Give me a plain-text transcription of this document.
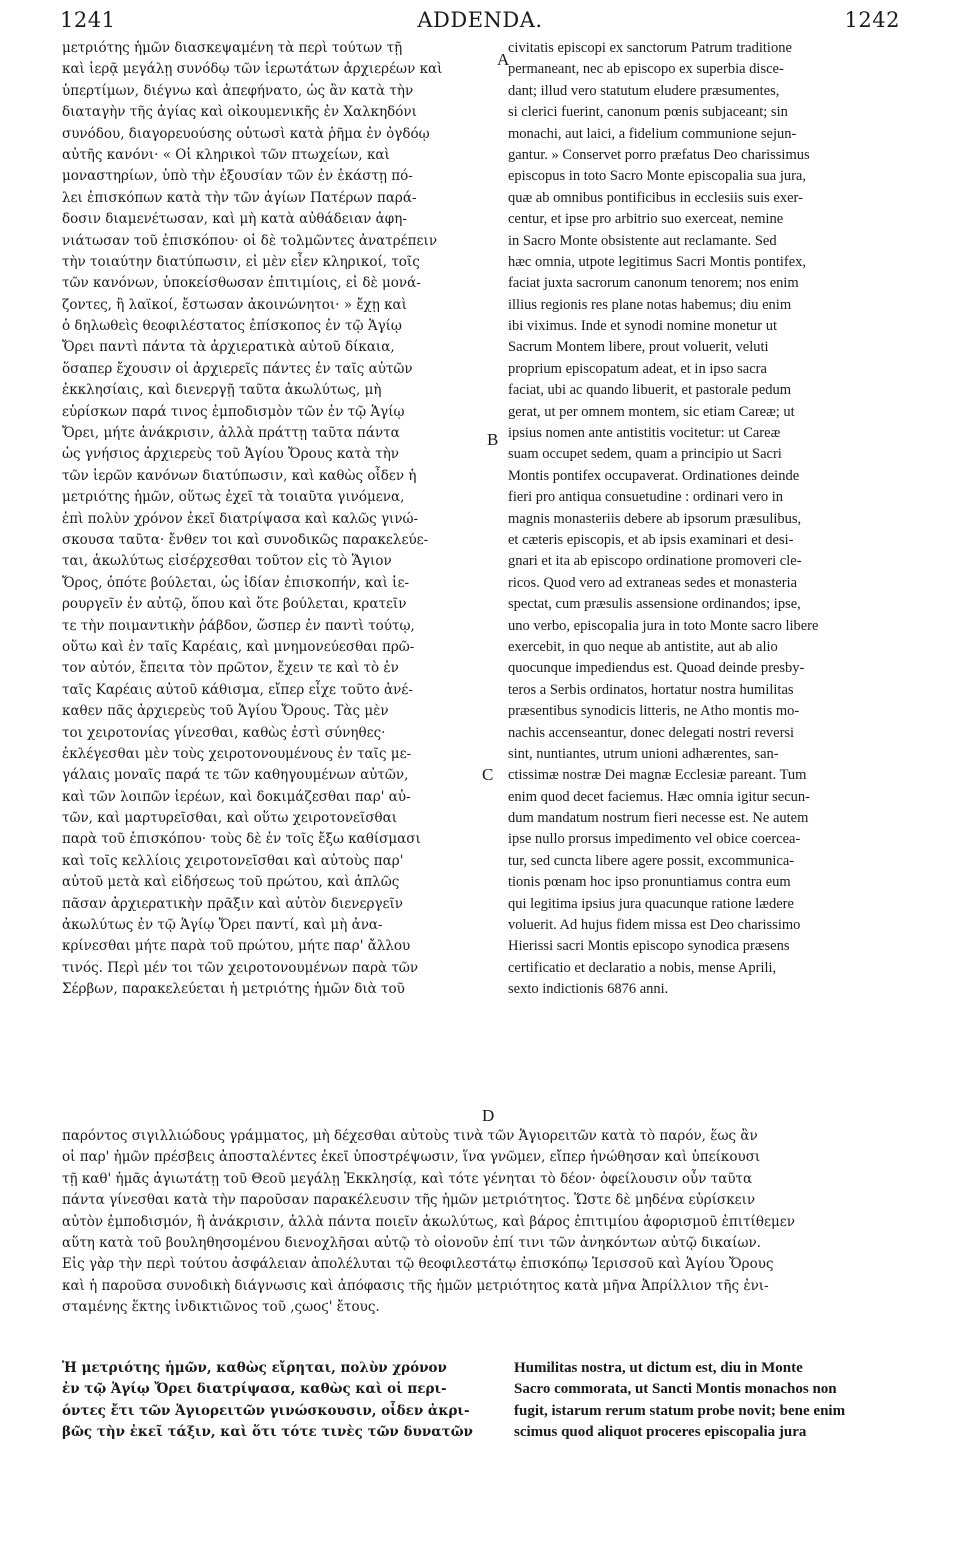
1241	ADDENDA.	1242
A
B
C
D
μετριότης ἡμῶν διασκεψαμένη τὰ περὶ τούτων τῇ
καὶ ἱερᾷ μεγάλῃ συνόδῳ τῶν ἱερωτάτων ἀρχιερέων καὶ
ὑπερτίμων, διέγνω καὶ ἀπεφήνατο, ὡς ἂν κατὰ τὴν
διαταγὴν τῆς ἁγίας καὶ οἰκουμενικῆς ἐν Χαλκηδόνι
συνόδου, διαγορευούσης οὑτωσὶ κατὰ ῥῆμα ἐν ὀγδόῳ
αὐτῆς κανόνι· « Οἱ κληρικοὶ τῶν πτωχείων, καὶ
μοναστηρίων, ὑπὸ τὴν ἐξουσίαν τῶν ἐν ἑκάστῃ πό-
λει ἐπισκόπων κατὰ τὴν τῶν ἁγίων Πατέρων παρά-
δοσιν διαμενέτωσαν, καὶ μὴ κατὰ αὐθάδειαν ἀφη-
νιάτωσαν τοῦ ἐπισκόπου· οἱ δὲ τολμῶντες ἀνατρέπειν
τὴν τοιαύτην διατύπωσιν, εἰ μὲν εἶεν κληρικοί, τοῖς
τῶν κανόνων, ὑποκείσθωσαν ἐπιτιμίοις, εἰ δὲ μονά-
ζοντες, ἢ λαϊκοί, ἔστωσαν ἀκοινώνητοι· » ἔχῃ καὶ
ὁ δηλωθεὶς θεοφιλέστατος ἐπίσκοπος ἐν τῷ Ἁγίῳ
Ὄρει παντὶ πάντα τὰ ἀρχιερατικὰ αὐτοῦ δίκαια,
ὅσαπερ ἔχουσιν οἱ ἀρχιερεῖς πάντες ἐν ταῖς αὐτῶν
ἐκκλησίαις, καὶ διενεργῇ ταῦτα ἀκωλύτως, μὴ
εὑρίσκων παρά τινος ἐμποδισμὸν τῶν ἐν τῷ Ἁγίῳ
Ὄρει, μήτε ἀνάκρισιν, ἀλλὰ πράττῃ ταῦτα πάντα
ὡς γνήσιος ἀρχιερεὺς τοῦ Ἁγίου Ὄρους κατὰ τὴν
τῶν ἱερῶν κανόνων διατύπωσιν, καὶ καθὼς οἶδεν ἡ
μετριότης ἡμῶν, οὕτως ἐχεῖ τὰ τοιαῦτα γινόμενα,
ἐπὶ πολὺν χρόνον ἐκεῖ διατρίψασα καὶ καλῶς γινώ-
σκουσα ταῦτα· ἔνθεν τοι καὶ συνοδικῶς παρακελεύε-
ται, ἀκωλύτως εἰσέρχεσθαι τοῦτον εἰς τὸ Ἅγιον
Ὄρος, ὁπότε βούλεται, ὡς ἰδίαν ἐπισκοπήν, καὶ ἱε-
ρουργεῖν ἐν αὐτῷ, ὅπου καὶ ὅτε βούλεται, κρατεῖν
τε τὴν ποιμαντικὴν ῥάβδον, ὥσπερ ἐν παντὶ τούτῳ,
οὕτω καὶ ἐν ταῖς Καρέαις, καὶ μνημονεύεσθαι πρῶ-
τον αὐτόν, ἔπειτα τὸν πρῶτον, ἔχειν τε καὶ τὸ ἐν
ταῖς Καρέαις αὐτοῦ κάθισμα, εἴπερ εἶχε τοῦτο ἀνέ-
καθεν πᾶς ἀρχιερεὺς τοῦ Ἁγίου Ὄρους. Τὰς μὲν
τοι χειροτονίας γίνεσθαι, καθὼς ἐστὶ σύνηθες·
ἐκλέγεσθαι μὲν τοὺς χειροτονουμένους ἐν ταῖς με-
γάλαις μοναῖς παρά τε τῶν καθηγουμένων αὐτῶν,
καὶ τῶν λοιπῶν ἱερέων, καὶ δοκιμάζεσθαι παρ' αὐ-
τῶν, καὶ μαρτυρεῖσθαι, καὶ οὕτω χειροτονεῖσθαι
παρὰ τοῦ ἐπισκόπου· τοὺς δὲ ἐν τοῖς ἔξω καθίσμασι
καὶ τοῖς κελλίοις χειροτονεῖσθαι καὶ αὐτοὺς παρ'
αὐτοῦ μετὰ καὶ εἰδήσεως τοῦ πρώτου, καὶ ἁπλῶς
πᾶσαν ἀρχιερατικὴν πρᾶξιν καὶ αὐτὸν διενεργεῖν
ἀκωλύτως ἐν τῷ Ἁγίῳ Ὄρει παντί, καὶ μὴ ἀνα-
κρίνεσθαι μήτε παρὰ τοῦ πρώτου, μήτε παρ' ἄλλου
τινός. Περὶ μέν τοι τῶν χειροτονουμένων παρὰ τῶν
Σέρβων, παρακελεύεται ἡ μετριότης ἡμῶν διὰ τοῦ
civitatis episcopi ex sanctorum Patrum traditione
permaneant, nec ab episcopo ex superbia disce-
dant; illud vero statutum eludere præsumentes,
si clerici fuerint, canonum pœnis subjaceant; sin
monachi, aut laici, a fidelium communione sejun-
gantur. » Conservet porro præfatus Deo charissimus
episcopus in toto Sacro Monte episcopalia sua jura,
quæ ab omnibus pontificibus in ecclesiis suis exer-
centur, et ipse pro arbitrio suo exerceat, nemine
in Sacro Monte obsistente aut reclamante. Sed
hæc omnia, utpote legitimus Sacri Montis pontifex,
faciat juxta sacrorum canonum tenorem; nos enim
illius regionis res plane notas habemus; diu enim
ibi viximus. Inde et synodi nomine monetur ut
Sacrum Montem libere, prout voluerit, veluti
proprium episcopatum adeat, et in ipso sacra
faciat, ubi ac quando libuerit, et pastorale pedum
gerat, ut per omnem montem, sic etiam Careæ; ut
ipsius nomen ante antistitis vocitetur: ut Careæ
suam occupet sedem, quam a principio ut Sacri
Montis pontifex occupaverat. Ordinationes deinde
fieri pro antiqua consuetudine : ordinari vero in
magnis monasteriis debere ab ipsorum præsulibus,
et cæteris episcopis, et ab ipsis examinari et desi-
gnari et ita ab episcopo ordinatione promoveri cle-
ricos. Quod vero ad extraneas sedes et monasteria
spectat, cum præsulis assensione ordinandos; ipse,
uno verbo, episcopalia jura in toto Monte sacro libere
exercebit, in quo neque ab antistite, aut ab alio
quocunque impediendus est. Quoad deinde presby-
teros a Serbis ordinatos, hortatur nostra humilitas
præsentibus synodicis litteris, ne Atho montis mo-
nachis accenseantur, donec delegati nostri reversi
sint, nuntiantes, utrum unioni adhærentes, san-
ctissimæ nostræ Dei magnæ Ecclesiæ pareant. Tum
enim quod decet faciemus. Hæc omnia igitur secun-
dum mandatum nostrum fieri necesse est. Ne autem
ipse nullo prorsus impedimento vel obice coerceа-
tur, sed cuncta libere agere possit, excommunica-
tionis pœnam hoc ipso pronuntiamus contra eum
qui legitima ipsius jura quacunque ratione lædere
voluerit. Ad hujus fidem missa est Deo charissimo
Hierissi sacri Montis episcopo synodica præsens
certificatio et declaratio a nobis, mense Aprili,
sexto indictionis 6876 anni.
παρόντος σιγιλλιώδους γράμματος, μὴ δέχεσθαι αὐτοὺς τινὰ τῶν Ἁγιορειτῶν κατὰ τὸ παρόν, ἕως ἂν
οἱ παρ' ἡμῶν πρέσβεις ἀποσταλέντες ἐκεῖ ὑποστρέψωσιν, ἵνα γνῶμεν, εἴπερ ἡνώθησαν καὶ ὑπείκουσι
τῇ καθ' ἡμᾶς ἁγιωτάτῃ τοῦ Θεοῦ μεγάλῃ Ἐκκλησίᾳ, καὶ τότε γένηται τὸ δέον· ὀφείλουσιν οὖν ταῦτα
πάντα γίνεσθαι κατὰ τὴν παροῦσαν παρακέλευσιν τῆς ἡμῶν μετριότητος. Ὥστε δὲ μηδένα εὑρίσκειν
αὐτὸν ἐμποδισμόν, ἢ ἀνάκρισιν, ἀλλὰ πάντα ποιεῖν ἀκωλύτως, καὶ βάρος ἐπιτιμίου ἀφορισμοῦ ἐπιτίθεμεν
αὕτη κατὰ τοῦ βουληθησομένου διενοχλῆσαι αὐτῷ τὸ οἱονοῦν ἐπί τινι τῶν ἀνηκόντων αὐτῷ δικαίων.
Εἰς γὰρ τὴν περὶ τούτου ἀσφάλειαν ἀπολέλυται τῷ θεοφιλεστάτῳ ἐπισκόπῳ Ἱερισσοῦ καὶ Ἁγίου Ὄρους
καὶ ἡ παροῦσα συνοδικὴ διάγνωσις καὶ ἀπόφασις τῆς ἡμῶν μετριότητος κατὰ μῆνα Ἀπρίλλιον τῆς ἐνι-
σταμένης ἕκτης ἰνδικτιῶνος τοῦ ,ςωοϛ' ἔτους.
Ἡ μετριότης ἡμῶν, καθὼς εἴρηται, πολὺν χρόνον
ἐν τῷ Ἁγίῳ Ὄρει διατρίψασα, καθὼς καὶ οἱ περι-
όντες ἔτι τῶν Ἁγιορειτῶν γινώσκουσιν, οἶδεν ἀκρι-
βῶς τὴν ἐκεῖ τάξιν, καὶ ὅτι τότε τινὲς τῶν δυνατῶν
Humilitas nostra, ut dictum est, diu in Monte
Sacro commorata, ut Sancti Montis monachos non
fugit, istarum rerum statum probe novit; bene enim
scimus quod aliquot proceres episcopalia jura
